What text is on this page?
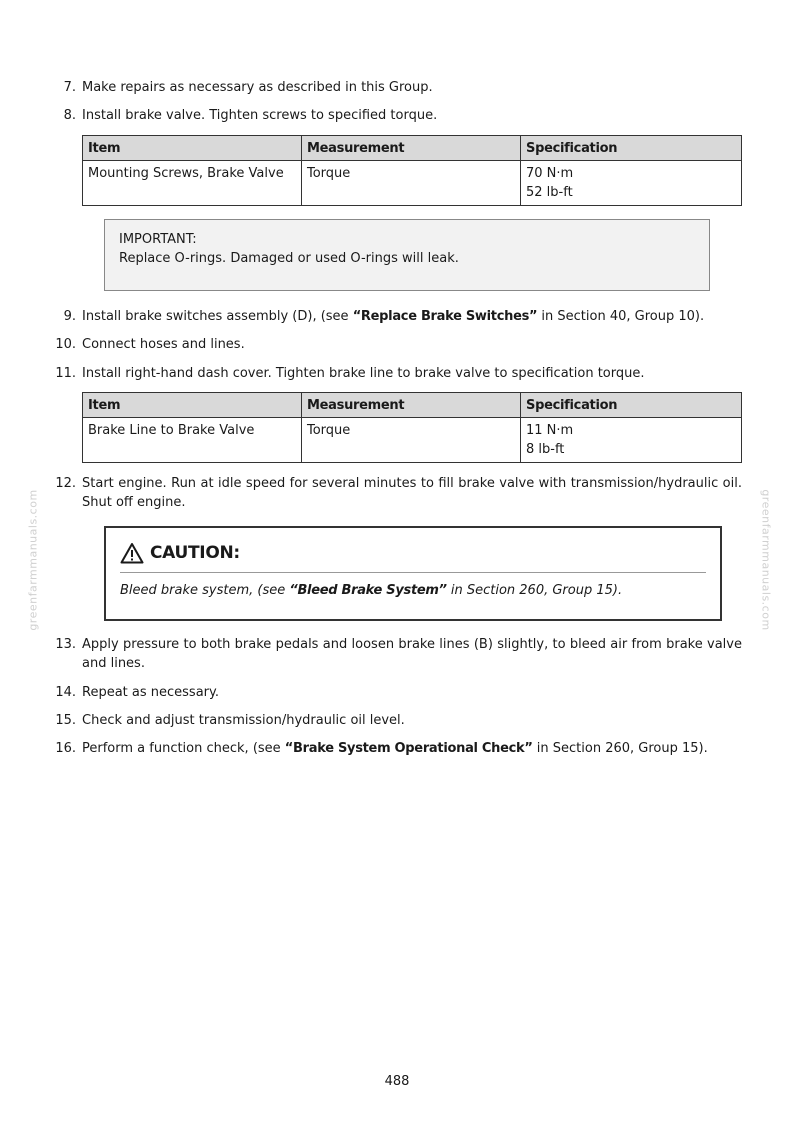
greenfarmmanuals.com	greenfarmmanuals.com
7. Make repairs as necessary as described in this Group.
8. Install brake valve. Tighten screws to specified torque.
Item	Measurement	Specification
Mounting Screws, Brake Valve	Torque	70 N·m
52 lb-ft
IMPORTANT:
Replace O-rings. Damaged or used O-rings will leak.
9. Install brake switches assembly (D), (see “Replace Brake Switches” in Section 40, Group 10).
10. Connect hoses and lines.
11. Install right-hand dash cover. Tighten brake line to brake valve to specification torque.
Item	Measurement	Specification
Brake Line to Brake Valve	Torque	11 N·m
8 lb-ft
12. Start engine. Run at idle speed for several minutes to fill brake valve with transmission/hydraulic oil. Shut off engine.
CAUTION:
Bleed brake system, (see “Bleed Brake System” in Section 260, Group 15).
13. Apply pressure to both brake pedals and loosen brake lines (B) slightly, to bleed air from brake valve and lines.
14. Repeat as necessary.
15. Check and adjust transmission/hydraulic oil level.
16. Perform a function check, (see “Brake System Operational Check” in Section 260, Group 15).
488
